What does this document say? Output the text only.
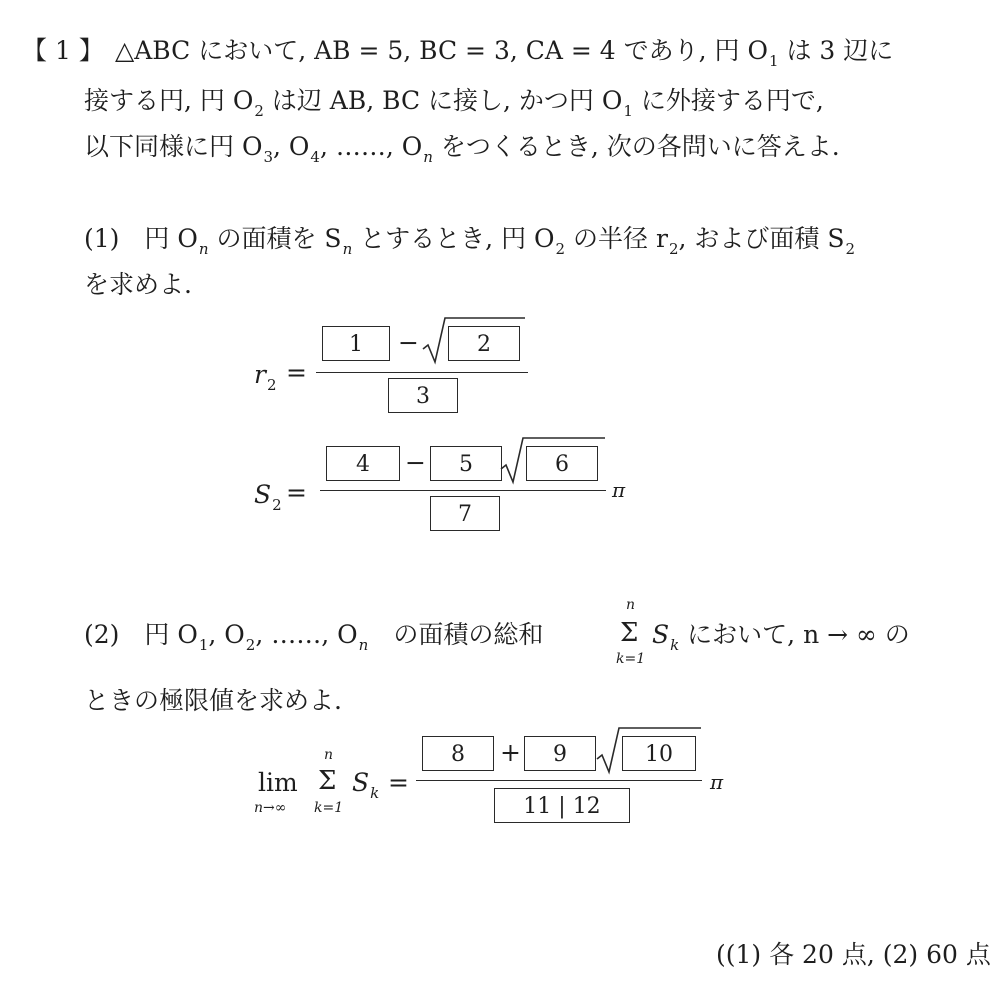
【 1 】 △ABC において, AB = 5, BC = 3, CA = 4 であり, 円 $O_1$ は 3 辺に
接する円, 円 $O_2$ は辺 AB, BC に接し, かつ円 $O_1$ に外接する円で,
以下同様に円 $O_3$, $O_4$, ……, $O_n$ をつくるとき, 次の各問いに答えよ.
(1)　円 $O_n$ の面積を $S_n$ とするとき, 円 $O_2$ の半径 $r_2$, および面積 $S_2$
を求めよ.
$r_2$ =
1	−	2
3
$S_2$ =
4	−	5	6
7
π
(2)　円 $O_1$, $O_2$, ……, $O_n$　の面積の総和
n
Σ
k=1
$S_k$ において, n → ∞ の
ときの極限値を求めよ.
lim
n→∞
n
Σ
k=1
$S_k$ =
8	+	9	10
11 | 12
π
((1) 各 20 点, (2) 60 点
